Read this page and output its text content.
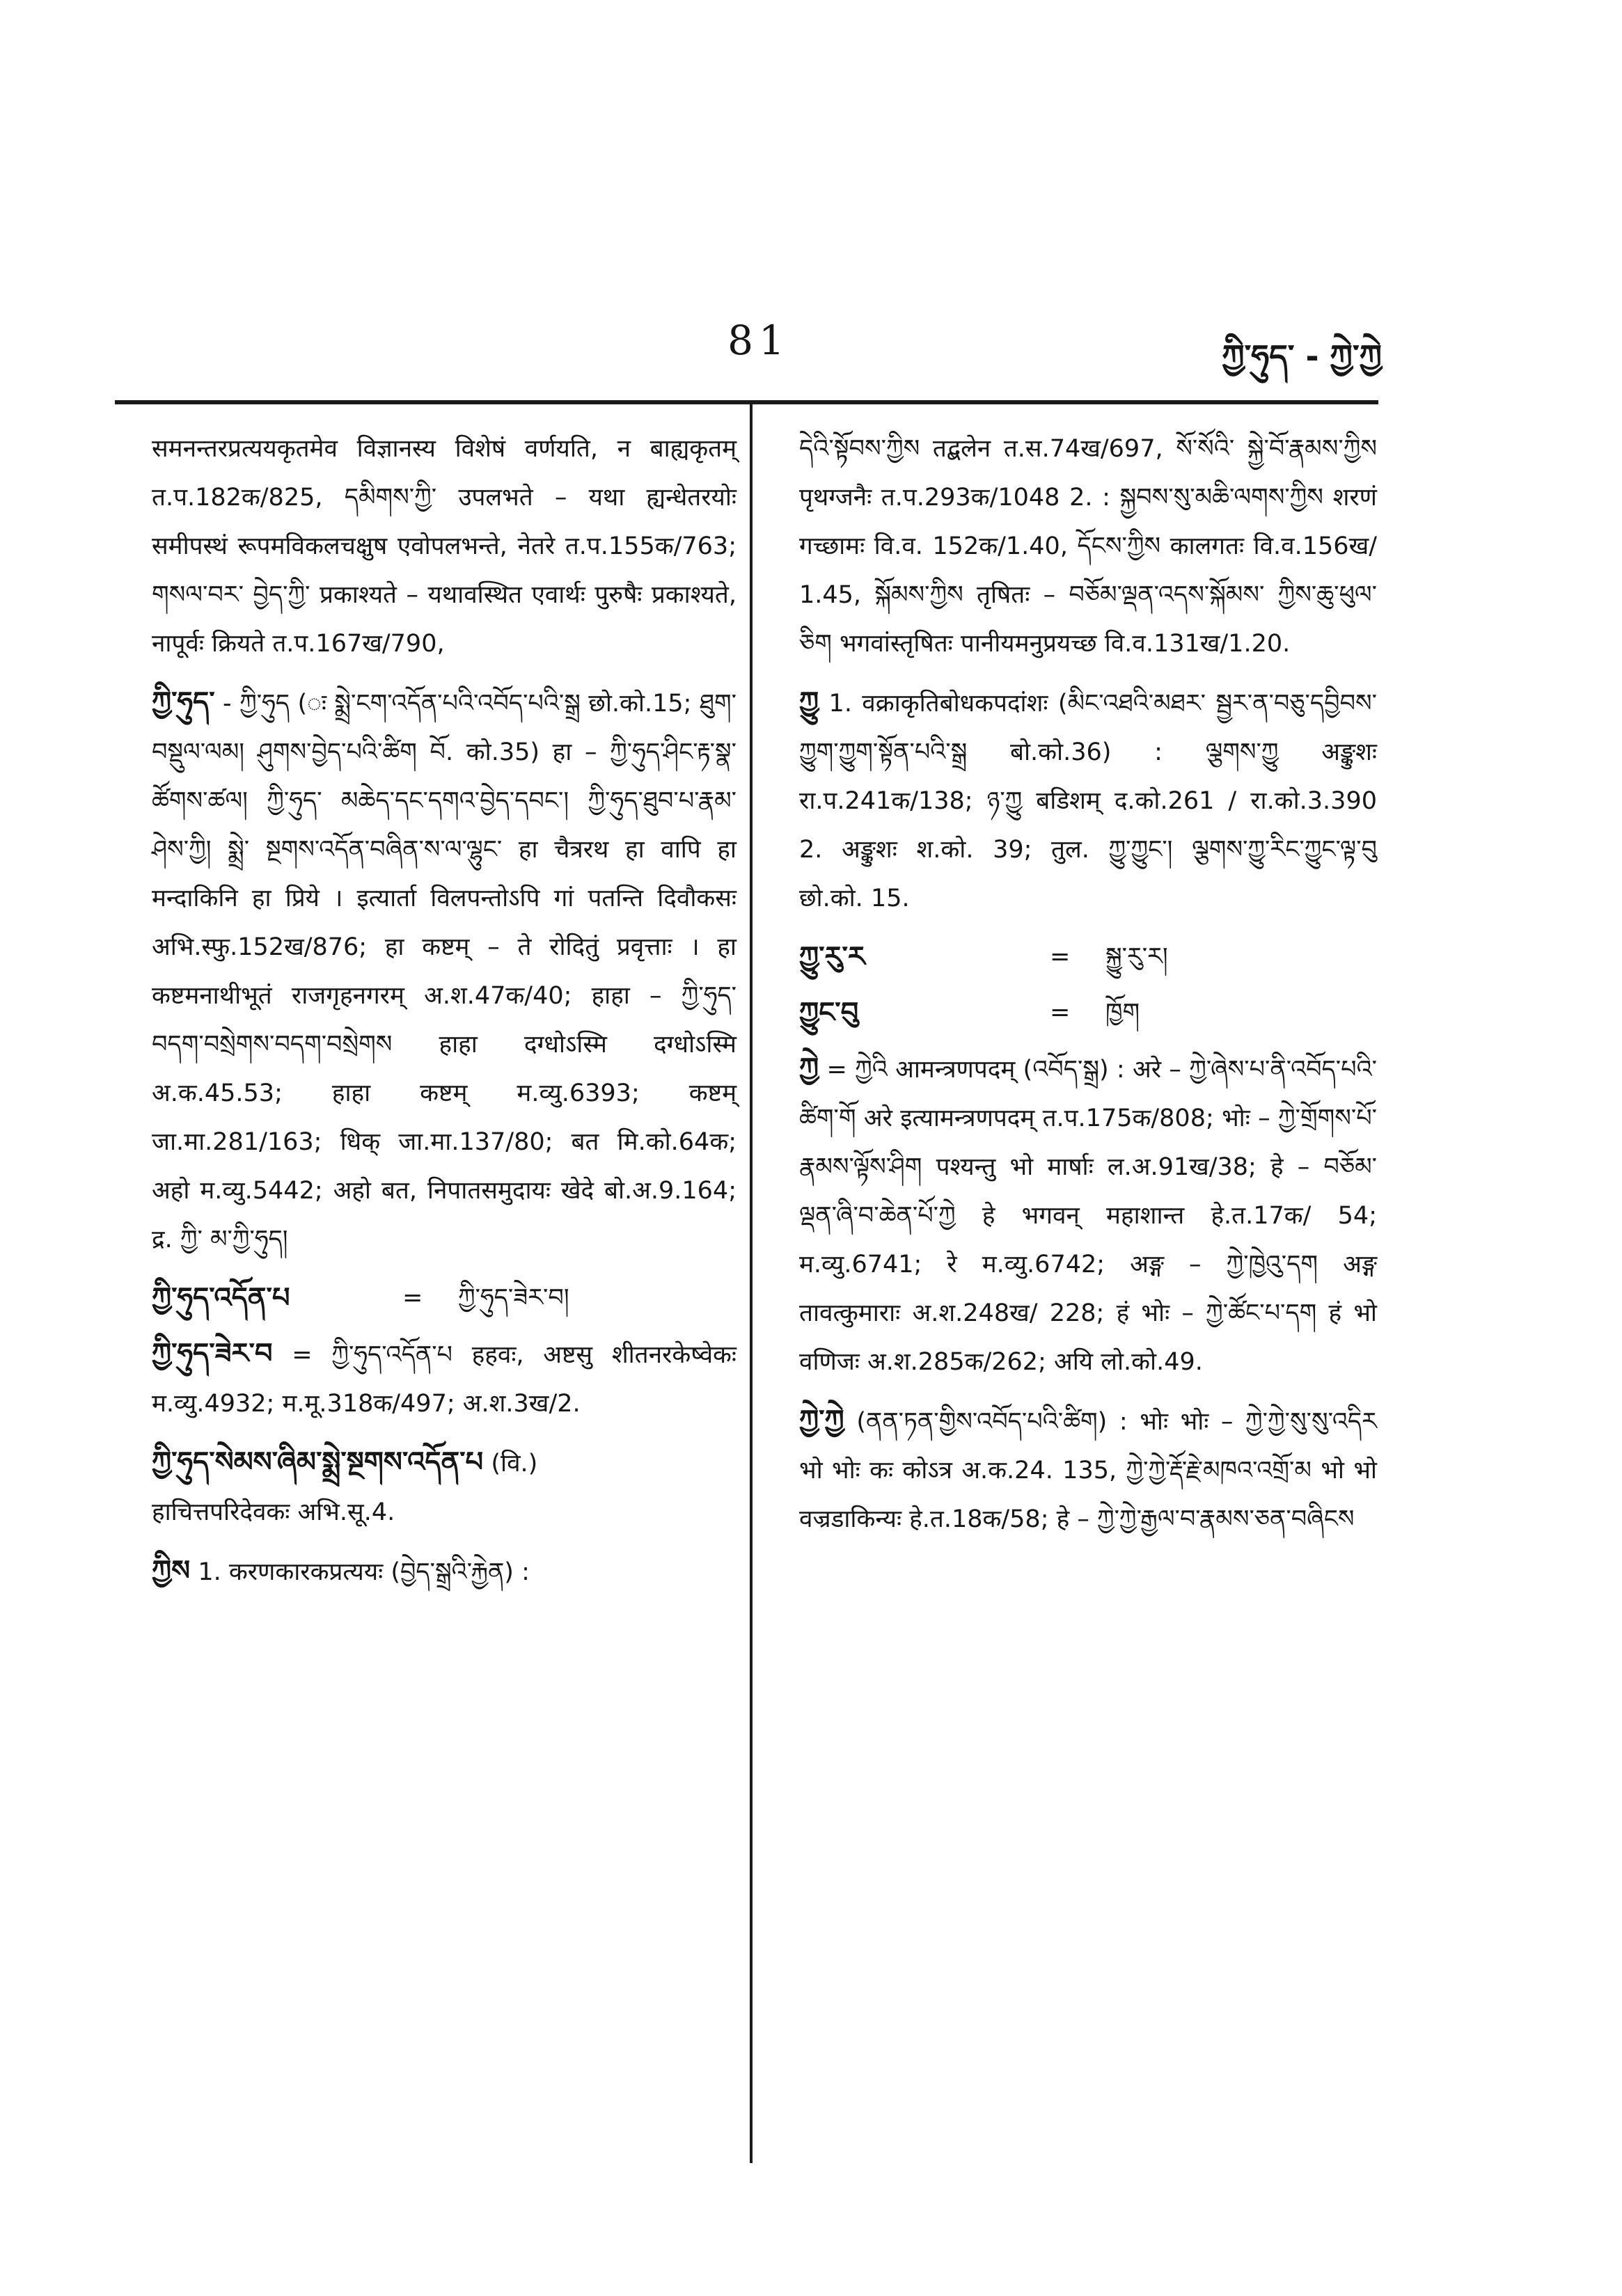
81	ཀྱི་ཧུད་ - ཀྱེ་ཀྱེ

समनन्तरप्रत्ययकृतमेव विज्ञानस्य विशेषं वर्णयति, न बाह्यकृतम् त.प.182क/825, དམིགས་ཀྱི་ उपलभते – यथा ह्यन्धेतरयोः समीपस्थं रूपमविकलचक्षुष एवोपलभन्ते, नेतरे त.प.155क/763; གསལ་བར་ བྱེད་ཀྱི་ प्रकाश्यते – यथावस्थित एवार्थः पुरुषैः प्रकाश्यते, नापूर्वः क्रियते त.प.167ख/790,

ཀྱི་ཧུད་ - ཀྱི་ཧུད (ः སྨྲེ་ངག་འདོན་པའི་འབོད་པའི་སྒྲ छो.को.15; ཐུག་བསྡུལ་ལམ། ཤུགས་བྱེད་པའི་ཚིག བོ. को.35) हा – ཀྱི་ཧུད་ཤིང་རྟ་སྣ་ཚོགས་ཚལ། ཀྱི་ཧུད་ མཆེད་དང་དགའ་བྱེད་དབང་། ཀྱི་ཧུད་ཐུབ་པ་རྣམ་ཤེས་ཀྱི། སྨྲེ་ སྔགས་འདོན་བཞིན་ས་ལ་ལྷུང་ हा चैत्ररथ हा वापि हा मन्दाकिनि हा प्रिये । इत्यार्ता विलपन्तोऽपि गां पतन्ति दिवौकसः अभि.स्फु.152ख/876; हा कष्टम् – ते रोदितुं प्रवृत्ताः । हा कष्टमनाथीभूतं राजगृहनगरम् अ.श.47क/40; हाहा – ཀྱི་ཧུད་ བདག་བསྲེགས་བདག་བསྲེགས हाहा दग्धोऽस्मि दग्धोऽस्मि अ.क.45.53; हाहा कष्टम् म.व्यु.6393; कष्टम् जा.मा.281/163; धिक् जा.मा.137/80; बत मि.को.64क; अहो म.व्यु.5442; अहो बत, निपातसमुदायः खेदे बो.अ.9.164; द्र. ཀྱི་ མ་ཀྱི་ཧུད།

ཀྱི་ཧུད་འདོན་པ	=	ཀྱི་ཧུད་ཟེར་བ།

ཀྱི་ཧུད་ཟེར་བ = ཀྱི་ཧུད་འདོན་པ हहवः, अष्टसु शीतनरकेष्वेकः म.व्यु.4932; म.मू.318क/497; अ.श.3ख/2.

ཀྱི་ཧུད་སེམས་ཞིམ་སྨྲེ་སྔགས་འདོན་པ (वि.)
हाचित्तपरिदेवकः अभि.सू.4.

ཀྱིས 1. करणकारकप्रत्ययः (བྱེད་སྒྲའི་རྐྱེན) :

དེའི་སྟོབས་ཀྱིས तद्बलेन त.स.74ख/697, སོ་སོའི་ སྐྱེ་བོ་རྣམས་ཀྱིས पृथग्जनैः त.प.293क/1048 2. : སྐྱབས་སུ་མཆི་ལགས་ཀྱིས शरणं गच्छामः वि.व. 152क/1.40, དོངས་ཀྱིས कालगतः वि.व.156ख/ 1.45, སྐོམས་ཀྱིས तृषितः – བཅོམ་ལྡན་འདས་སྐོམས་ ཀྱིས་ཆུ་ཕུལ་ཅིག भगवांस्तृषितः पानीयमनुप्रयच्छ वि.व.131ख/1.20.

ཀྱུ 1. वक्राकृतिबोधकपदांशः (མིང་འཐའི་མཐར་ སྦྱར་ན་བཅུ་དབྱིབས་ཀྱུག་ཀྱུག་སྟོན་པའི་སྒྲ बो.को.36) : ལྕགས་ཀྱུ अङ्कुशः रा.प.241क/138; ཉ་ཀྱུ बडिशम् द.को.261 / रा.को.3.390 2. अङ्कुशः श.को. 39; तुल. ཀྱུ་ཀྱུང་། ལྕགས་ཀྱུ་རིང་ཀྱུང་ལྟ་བུ छो.को. 15.

ཀྱུ་རུ་ར	=	སྐྱུ་རུ་ར།
ཀྱུང་བུ	=	ཁྱོག

ཀྱེ = ཀྱེའི आमन्त्रणपदम् (འབོད་སྒྲ) : अरे – ཀྱེ་ཞེས་པ་ནི་འབོད་པའི་ཚིག་གོ अरे इत्यामन्त्रणपदम् त.प.175क/808; भोः – ཀྱེ་གྲོགས་པོ་རྣམས་ལྟོས་ཤིག पश्यन्तु भो मार्षाः ल.अ.91ख/38; हे – བཅོམ་ ལྡན་ཞི་བ་ཆེན་པོ་ཀྱེ हे भगवन् महाशान्त हे.त.17क/ 54; म.व्यु.6741; रे म.व्यु.6742; अङ्ग – ཀྱེ་ཁྱེའུ་དག अङ्ग तावत्कुमाराः अ.श.248ख/ 228; हं भोः – ཀྱེ་ཚོང་པ་དག हं भो वणिजः अ.श.285क/262; अयि लो.को.49.

ཀྱེ་ཀྱེ (ནན་ཏན་གྱིས་འབོད་པའི་ཚིག) : भोः भोः – ཀྱེ་ཀྱེ་སུ་སུ་འདིར भो भोः कः कोऽत्र अ.क.24. 135, ཀྱེ་ཀྱེ་རྡོ་རྗེ་མཁའ་འགྲོ་མ भो भो वज्रडाकिन्यः हे.त.18क/58; हे – ཀྱེ་ཀྱེ་རྒྱལ་བ་རྣམས་ཅན་བཞིངས
